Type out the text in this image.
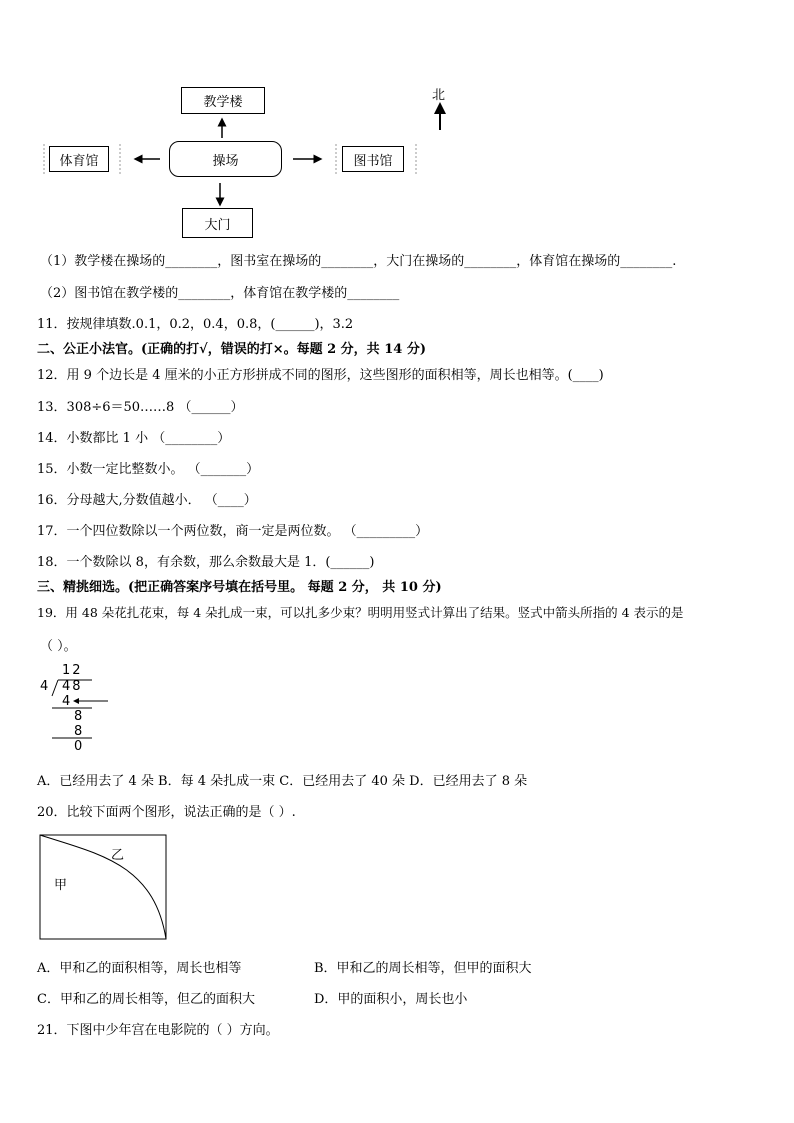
教学楼
操场
体育馆	图书馆
大门
北
（1）教学楼在操场的________，图书室在操场的________，大门在操场的________，体育馆在操场的________.
（2）图书馆在教学楼的________，体育馆在教学楼的________
11．按规律填数.0.1，0.2，0.4，0.8，(______)，3.2
二、公正小法官。(正确的打√，错误的打×。每题 2 分，共 14 分)
12．用 9 个边长是 4 厘米的小正方形拼成不同的图形，这些图形的面积相等，周长也相等。(____)
13．308÷6＝50……8 （______）
14．小数都比 1 小 （________）
15．小数一定比整数小。 （_______）
16．分母越大,分数值越小． （____）
17．一个四位数除以一个两位数，商一定是两位数。 （_________）
18．一个数除以 8，有余数，那么余数最大是 1．(______)
三、精挑细选。(把正确答案序号填在括号里。 每题 2 分， 共 10 分)
19．用 48 朵花扎花束，每 4 朵扎成一束，可以扎多少束？明明用竖式计算出了结果。竖式中箭头所指的 4 表示的是
（ ）。
12
4 48
4
8
8
0
A．已经用去了 4 朵 B．每 4 朵扎成一束 C．已经用去了 40 朵 D．已经用去了 8 朵
20．比较下面两个图形，说法正确的是（ ）.
甲
乙
A．甲和乙的面积相等，周长也相等	B．甲和乙的周长相等，但甲的面积大
C．甲和乙的周长相等，但乙的面积大	D．甲的面积小，周长也小
21．下图中少年宫在电影院的（ ）方向。
